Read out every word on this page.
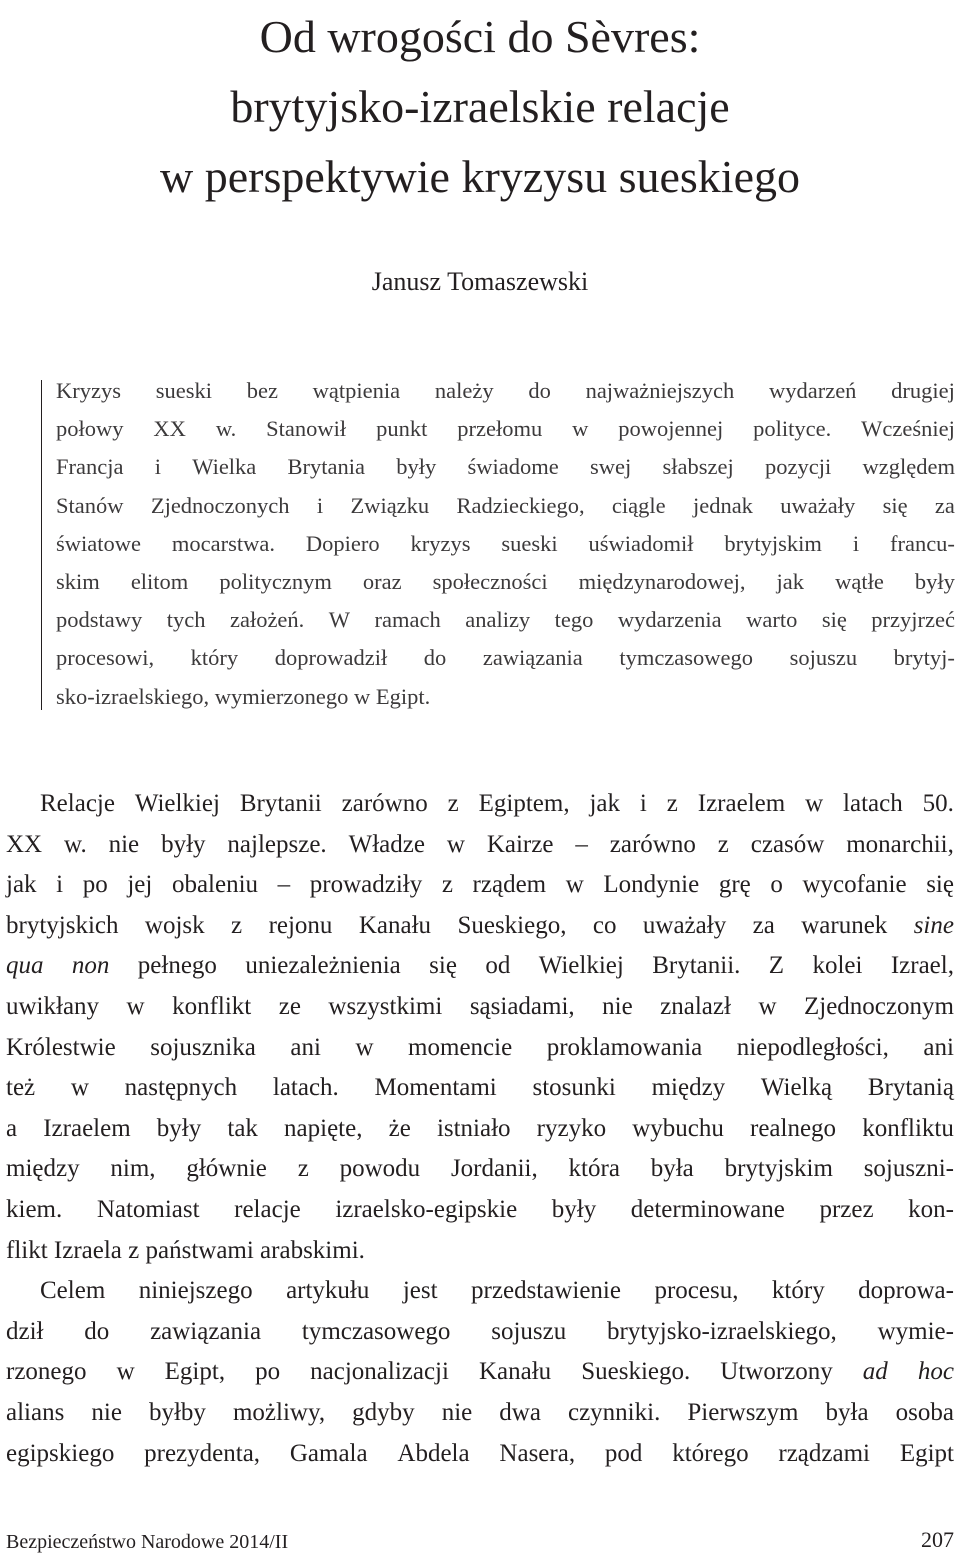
Od wrogości do Sèvres:
brytyjsko-izraelskie relacje
w perspektywie kryzysu sueskiego
Janusz Tomaszewski
Kryzys sueski bez wątpienia należy do najważniejszych wydarzeń drugiej
połowy XX w. Stanowił punkt przełomu w powojennej polityce. Wcześniej
Francja i Wielka Brytania były świadome swej słabszej pozycji względem
Stanów Zjednoczonych i Związku Radzieckiego, ciągle jednak uważały się za
światowe mocarstwa. Dopiero kryzys sueski uświadomił brytyjskim i francu-
skim elitom politycznym oraz społeczności międzynarodowej, jak wątłe były
podstawy tych założeń. W ramach analizy tego wydarzenia warto się przyjrzeć
procesowi, który doprowadził do zawiązania tymczasowego sojuszu brytyj-
sko-izraelskiego, wymierzonego w Egipt.
Relacje Wielkiej Brytanii zarówno z Egiptem, jak i z Izraelem w latach 50.
XX w. nie były najlepsze. Władze w Kairze – zarówno z czasów monarchii,
jak i po jej obaleniu – prowadziły z rządem w Londynie grę o wycofanie się
brytyjskich wojsk z rejonu Kanału Sueskiego, co uważały za warunek sine
qua non pełnego uniezależnienia się od Wielkiej Brytanii. Z kolei Izrael,
uwikłany w konflikt ze wszystkimi sąsiadami, nie znalazł w Zjednoczonym
Królestwie sojusznika ani w momencie proklamowania niepodległości, ani
też w następnych latach. Momentami stosunki między Wielką Brytanią
a Izraelem były tak napięte, że istniało ryzyko wybuchu realnego konfliktu
między nim, głównie z powodu Jordanii, która była brytyjskim sojuszni-
kiem. Natomiast relacje izraelsko-egipskie były determinowane przez kon-
flikt Izraela z państwami arabskimi.
Celem niniejszego artykułu jest przedstawienie procesu, który doprowa-
dził do zawiązania tymczasowego sojuszu brytyjsko-izraelskiego, wymie-
rzonego w Egipt, po nacjonalizacji Kanału Sueskiego. Utworzony ad hoc
alians nie byłby możliwy, gdyby nie dwa czynniki. Pierwszym była osoba
egipskiego prezydenta, Gamala Abdela Nasera, pod którego rządzami Egipt
Bezpieczeństwo Narodowe 2014/II	207
